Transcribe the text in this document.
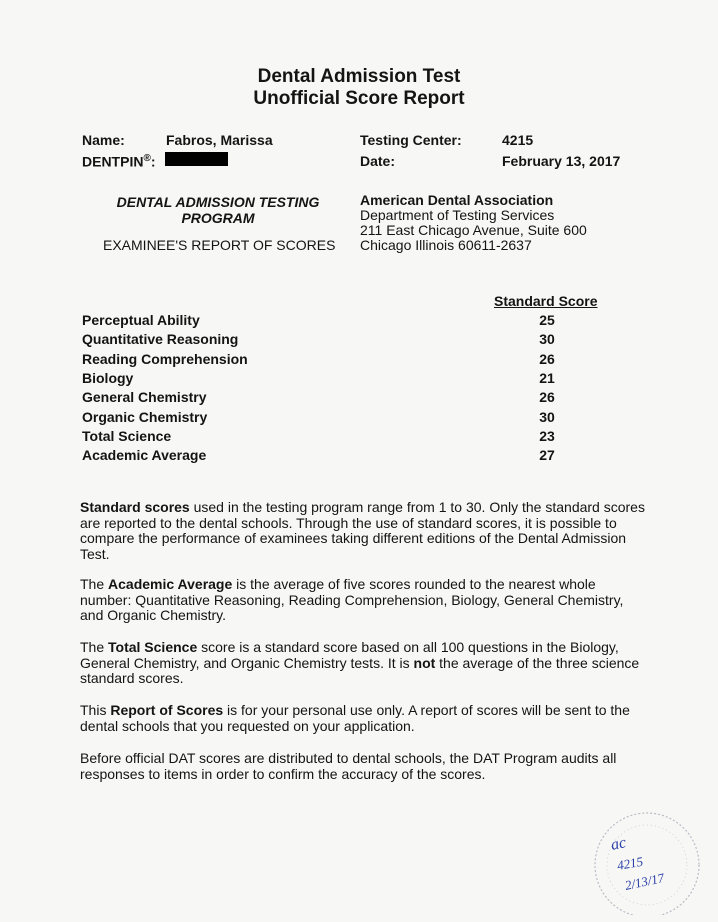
Dental Admission Test
Unofficial Score Report
Name:	Fabros, Marissa
DENTPIN®:
Testing Center:	4215
Date:	February 13, 2017
DENTAL ADMISSION TESTING
PROGRAM
EXAMINEE'S REPORT OF SCORES
American Dental Association
Department of Testing Services
211 East Chicago Avenue, Suite 600
Chicago Illinois 60611-2637
Standard Score
Perceptual Ability	25
Quantitative Reasoning	30
Reading Comprehension	26
Biology	21
General Chemistry	26
Organic Chemistry	30
Total Science	23
Academic Average	27
Standard scores used in the testing program range from 1 to 30. Only the standard scores are reported to the dental schools. Through the use of standard scores, it is possible to compare the performance of examinees taking different editions of the Dental Admission Test.
The Academic Average is the average of five scores rounded to the nearest whole number: Quantitative Reasoning, Reading Comprehension, Biology, General Chemistry, and Organic Chemistry.
The Total Science score is a standard score based on all 100 questions in the Biology, General Chemistry, and Organic Chemistry tests. It is not the average of the three science standard scores.
This Report of Scores is for your personal use only. A report of scores will be sent to the dental schools that you requested on your application.
Before official DAT scores are distributed to dental schools, the DAT Program audits all responses to items in order to confirm the accuracy of the scores.
ac
4215
2/13/17
